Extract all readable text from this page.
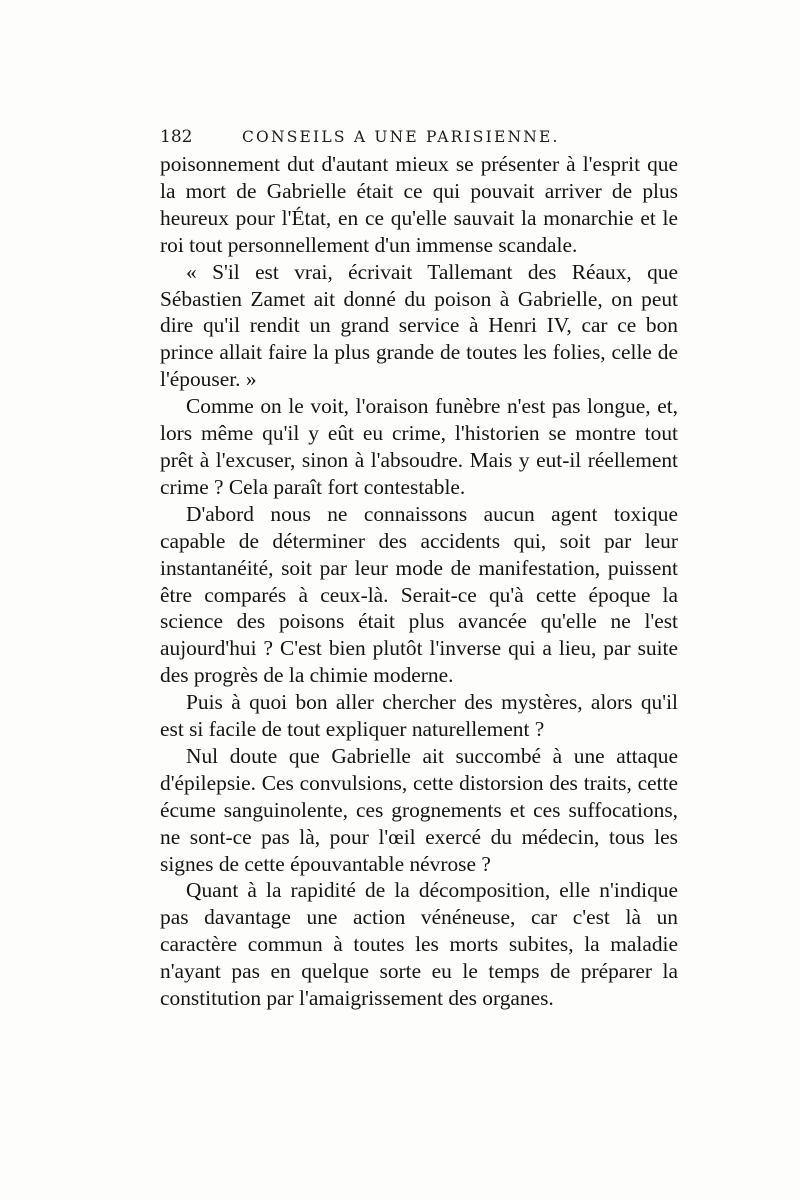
182	CONSEILS A UNE PARISIENNE.

poisonnement dut d'autant mieux se présenter à l'esprit que la mort de Gabrielle était ce qui pouvait arriver de plus heureux pour l'État, en ce qu'elle sauvait la monarchie et le roi tout personnellement d'un immense scandale.

« S'il est vrai, écrivait Tallemant des Réaux, que Sébastien Zamet ait donné du poison à Gabrielle, on peut dire qu'il rendit un grand service à Henri IV, car ce bon prince allait faire la plus grande de toutes les folies, celle de l'épouser. »

Comme on le voit, l'oraison funèbre n'est pas longue, et, lors même qu'il y eût eu crime, l'historien se montre tout prêt à l'excuser, sinon à l'absoudre. Mais y eut-il réellement crime ? Cela paraît fort contestable.

D'abord nous ne connaissons aucun agent toxique capable de déterminer des accidents qui, soit par leur instantanéité, soit par leur mode de manifestation, puissent être comparés à ceux-là. Serait-ce qu'à cette époque la science des poisons était plus avancée qu'elle ne l'est aujourd'hui ? C'est bien plutôt l'inverse qui a lieu, par suite des progrès de la chimie moderne.

Puis à quoi bon aller chercher des mystères, alors qu'il est si facile de tout expliquer naturellement ?

Nul doute que Gabrielle ait succombé à une attaque d'épilepsie. Ces convulsions, cette distorsion des traits, cette écume sanguinolente, ces grognements et ces suffocations, ne sont-ce pas là, pour l'œil exercé du médecin, tous les signes de cette épouvantable névrose ?

Quant à la rapidité de la décomposition, elle n'indique pas davantage une action vénéneuse, car c'est là un caractère commun à toutes les morts subites, la maladie n'ayant pas en quelque sorte eu le temps de préparer la constitution par l'amaigrissement des organes.
